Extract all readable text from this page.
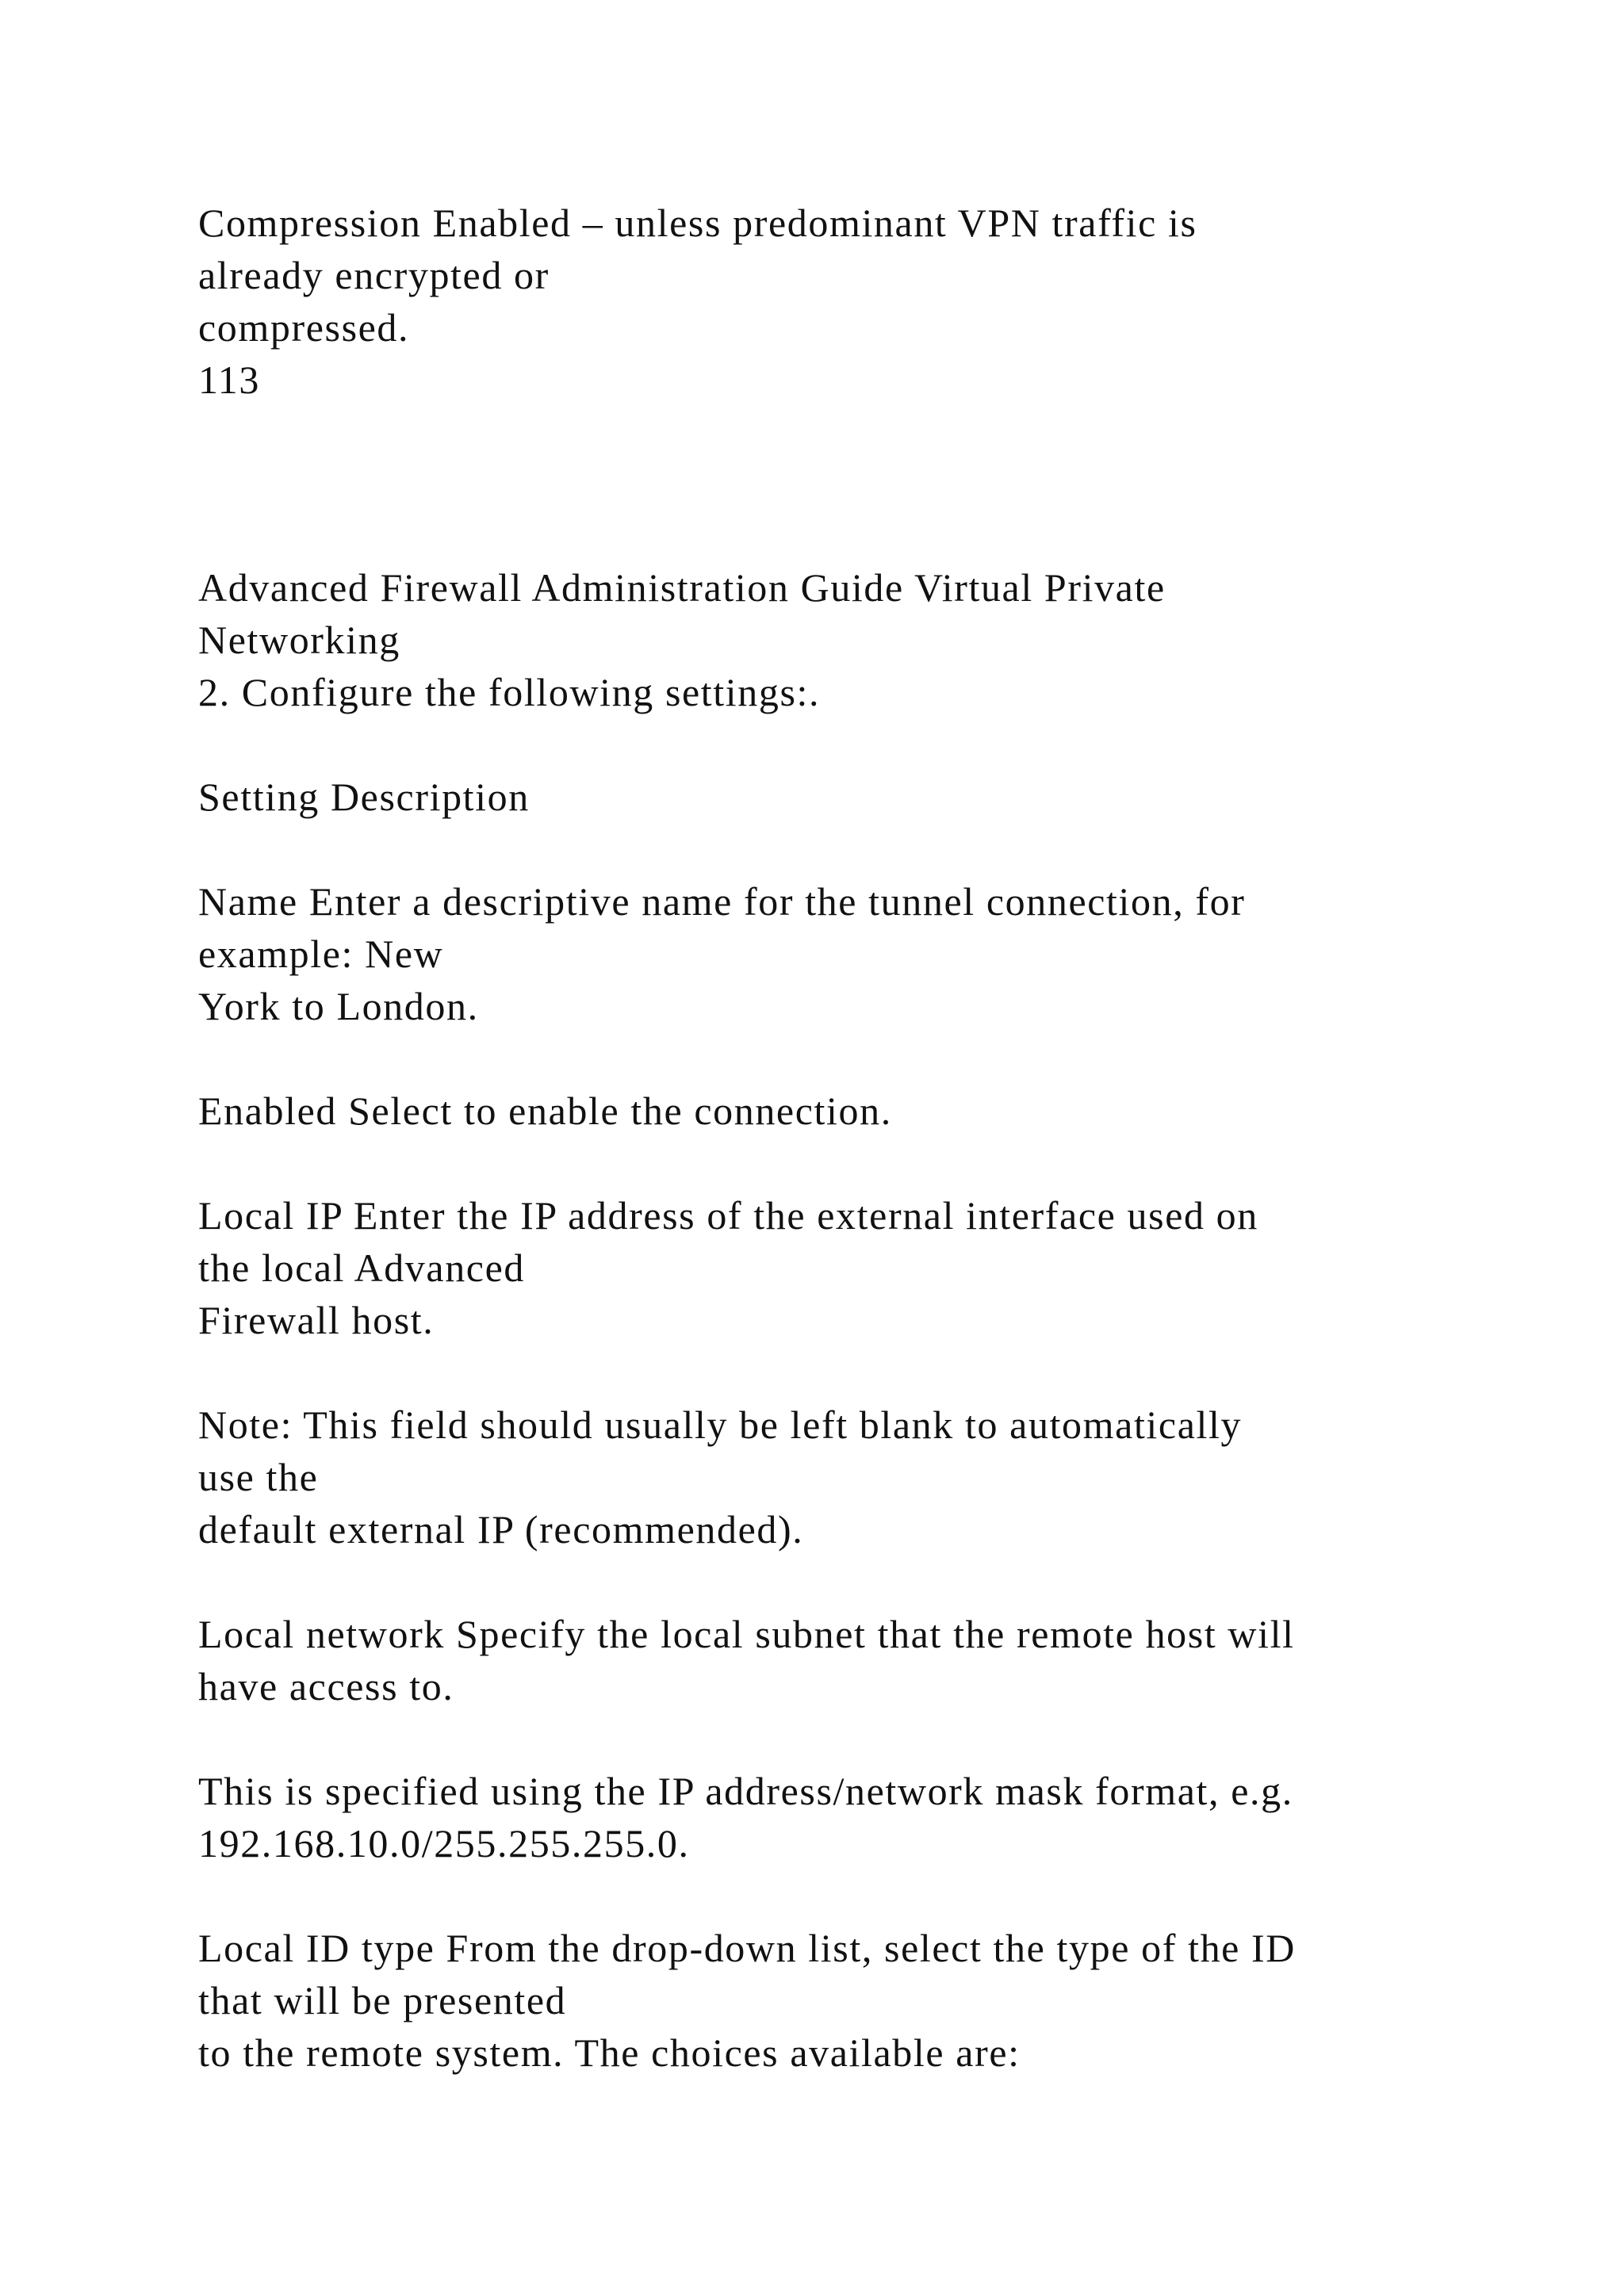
Compression Enabled – unless predominant VPN traffic is
already encrypted or
compressed.
113
Advanced Firewall Administration Guide Virtual Private
Networking
2. Configure the following settings:.
Setting Description
Name Enter a descriptive name for the tunnel connection, for
example: New
York to London.
Enabled Select to enable the connection.
Local IP Enter the IP address of the external interface used on
the local Advanced
Firewall host.
Note: This field should usually be left blank to automatically
use the
default external IP (recommended).
Local network Specify the local subnet that the remote host will
have access to.
This is specified using the IP address/network mask format, e.g.
192.168.10.0/255.255.255.0.
Local ID type From the drop-down list, select the type of the ID
that will be presented
to the remote system. The choices available are:
